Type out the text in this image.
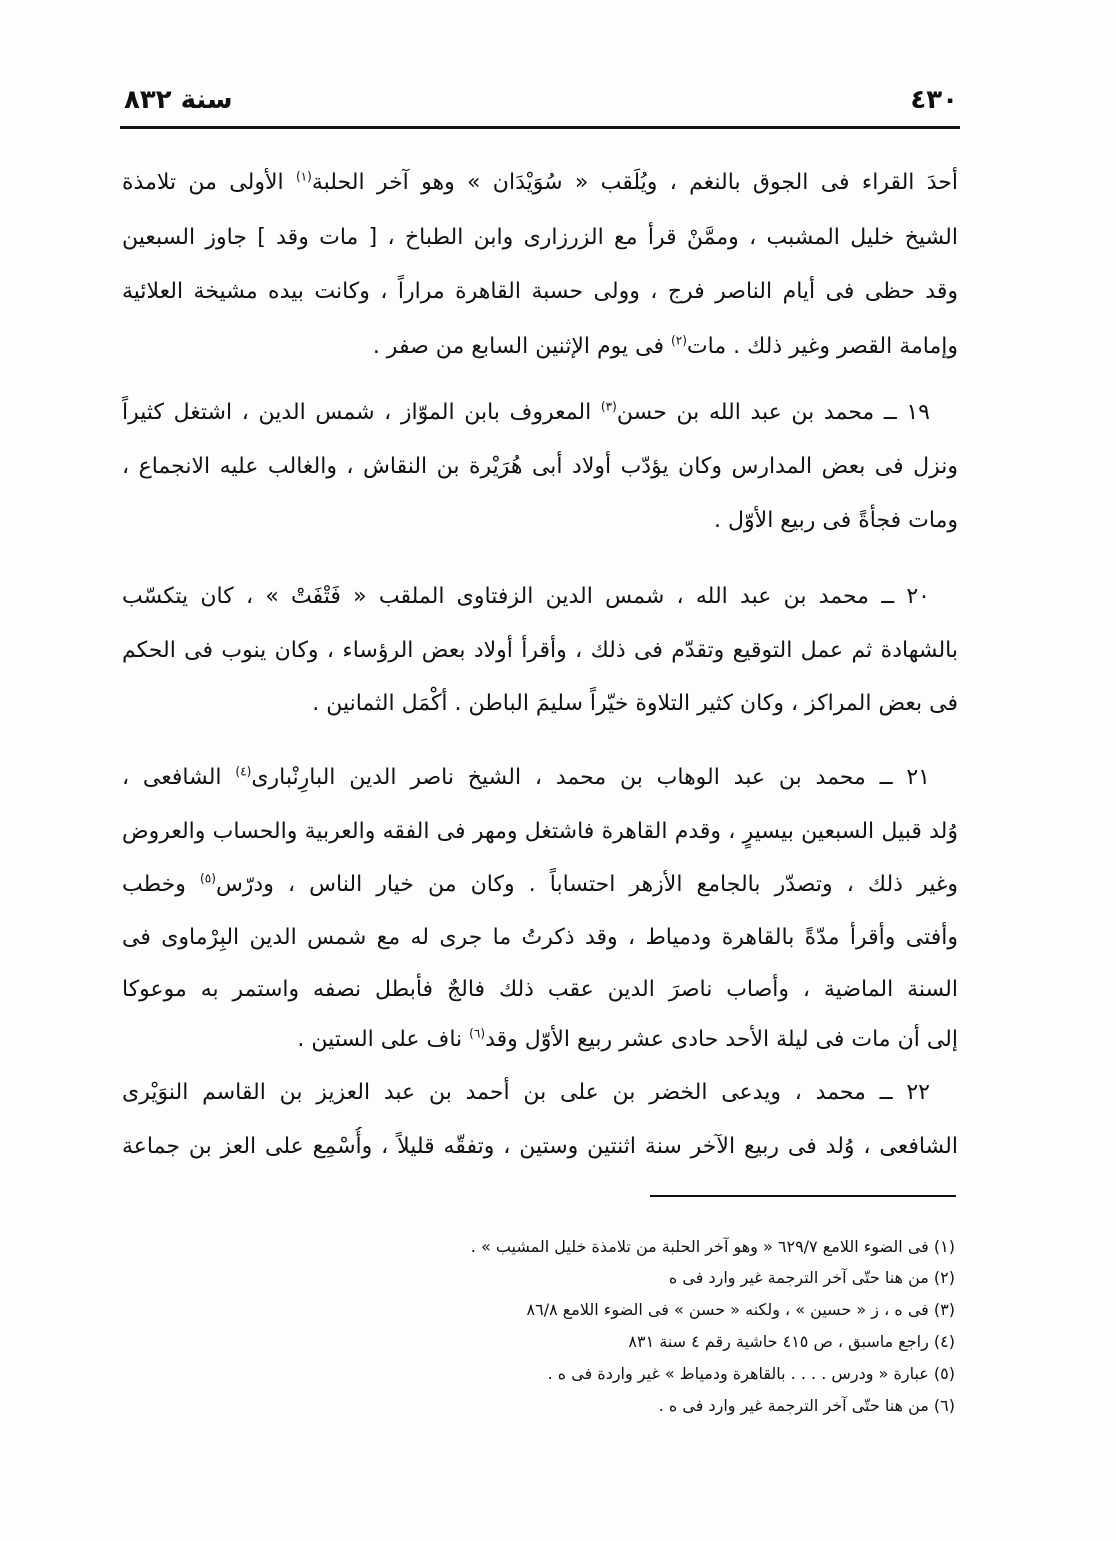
٤٣٠
سنة ٨٣٢
أحدَ القراء فى الجوق بالنغم ، ويُلَقب « سُوَيْدَان » وهو آخر الحلبة$^{(١)}$ الأولى من تلامذة
الشيخ خليل المشبب ، وممَّنْ قرأ مع الزرزارى وابن الطباخ ، [ مات وقد ] جاوز السبعين
وقد حظى فى أيام الناصر فرج ، وولى حسبة القاهرة مراراً ، وكانت بيده مشيخة العلائية
وإمامة القصر وغير ذلك . مات$^{(٢)}$ فى يوم الإثنين السابع من صفر .
١٩ ــ محمد بن عبد الله بن حسن$^{(٣)}$ المعروف بابن الموّاز ، شمس الدين ، اشتغل كثيراً
ونزل فى بعض المدارس وكان يؤدّب أولاد أبى هُرَيْرة بن النقاش ، والغالب عليه الانجماع ،
ومات فجأةً فى ربيع الأوّل .
٢٠ ــ محمد بن عبد الله ، شمس الدين الزفتاوى الملقب « فَتْفَتْ » ، كان يتكسّب
بالشهادة ثم عمل التوقيع وتقدّم فى ذلك ، وأقرأ أولاد بعض الرؤساء ، وكان ينوب فى الحكم
فى بعض المراكز ، وكان كثير التلاوة خيّراً سليمَ الباطن . أكْمَل الثمانين .
٢١ ــ محمد بن عبد الوهاب بن محمد ، الشيخ ناصر الدين البارِنْبارى$^{(٤)}$ الشافعى ،
وُلد قبيل السبعين بيسيرٍ ، وقدم القاهرة فاشتغل ومهر فى الفقه والعربية والحساب والعروض
وغير ذلك ، وتصدّر بالجامع الأزهر احتساباً . وكان من خيار الناس ، ودرّس$^{(٥)}$ وخطب
وأفتى وأقرأ مدّةً بالقاهرة ودمياط ، وقد ذكرتُ ما جرى له مع شمس الدين البِرْماوى فى
السنة الماضية ، وأصاب ناصرَ الدين عقب ذلك فالجٌ فأبطل نصفه واستمر به موعوكا
إلى أن مات فى ليلة الأحد حادى عشر ربيع الأوّل وقد$^{(٦)}$ ناف على الستين .
٢٢ ــ محمد ، ويدعى الخضر بن على بن أحمد بن عبد العزيز بن القاسم النوَيْرى
الشافعى ، وُلد فى ربيع الآخر سنة اثنتين وستين ، وتفقّه قليلاً ، وأُسْمِع على العز بن جماعة
(١) فى الضوء اللامع ٦٢٩/٧ « وهو آخر الحلبة من تلامذة خليل المشيب » .
(٢) من هنا حتّى آخر الترجمة غير وارد فى ه
(٣) فى ه ، ز « حسين » ، ولكنه « حسن » فى الضوء اللامع ٨٦/٨
(٤) راجع ماسبق ، ص ٤١٥ حاشية رقم ٤ سنة ٨٣١
(٥) عبارة « ودرس . . . . بالقاهرة ودمياط » غير واردة فى ه .
(٦) من هنا حتّى آخر الترجمة غير وارد فى ه .
